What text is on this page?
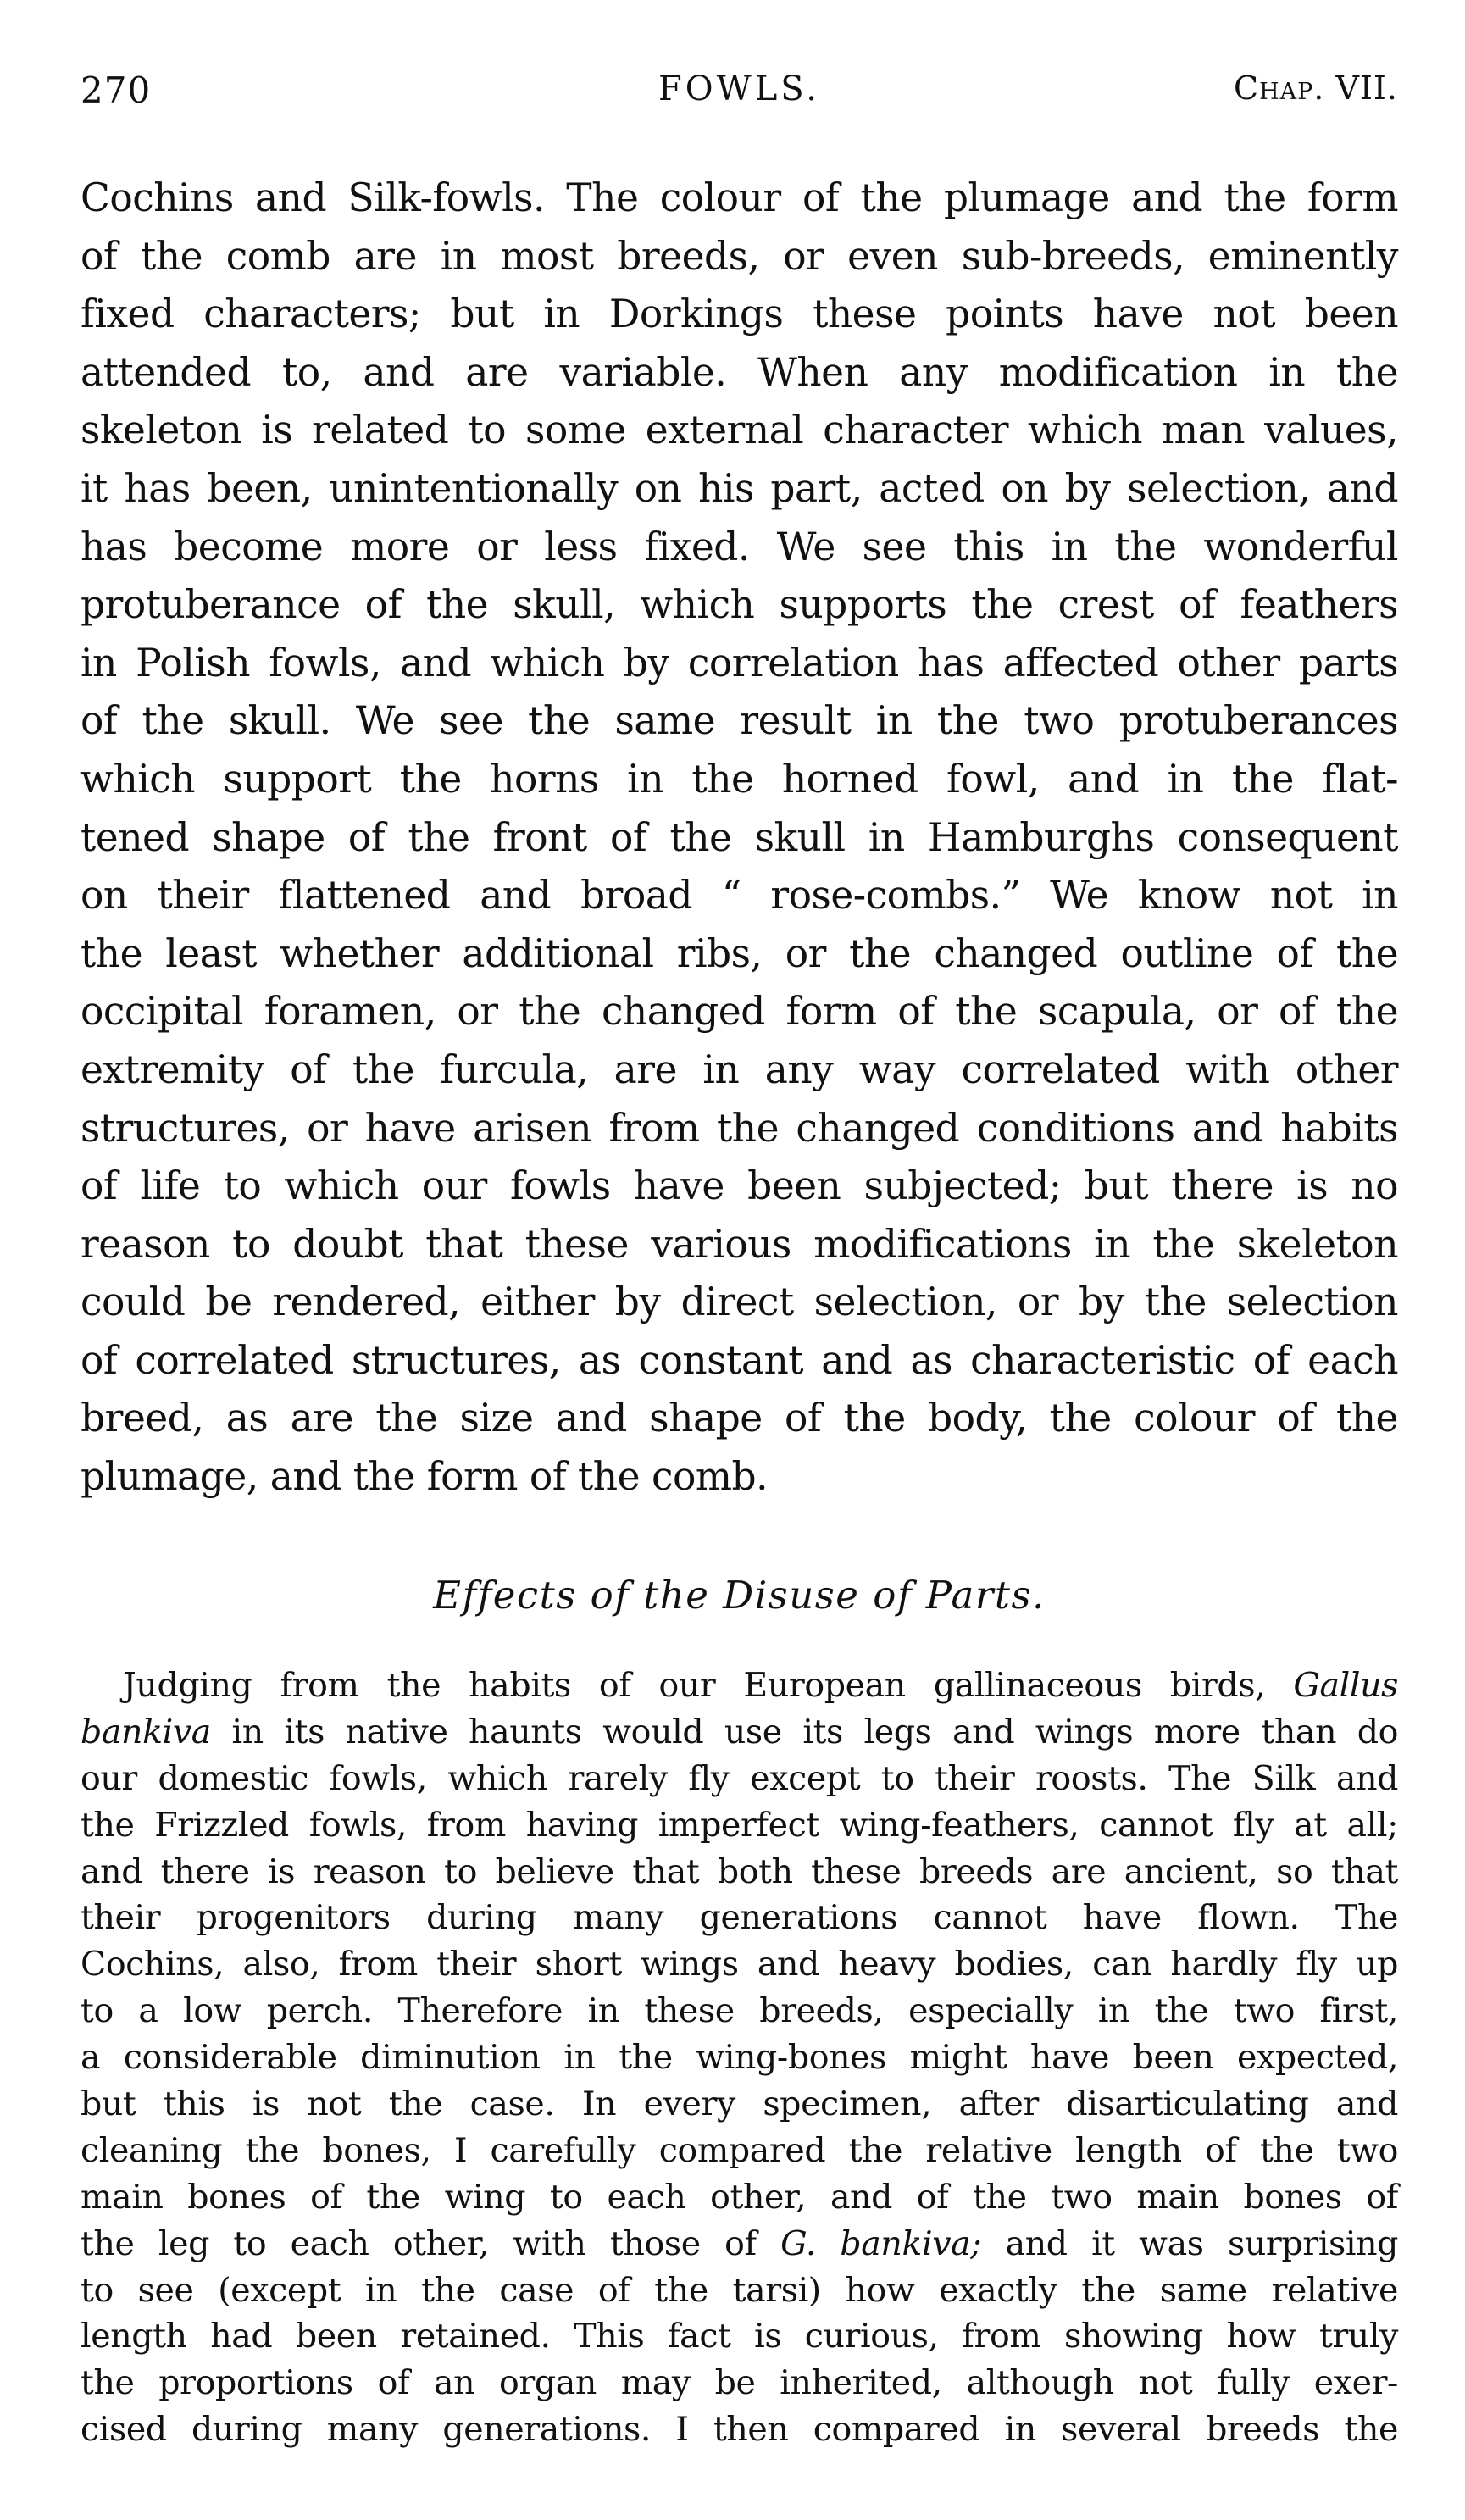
270	FOWLS.	Chap. VII.
Cochins and Silk-fowls. The colour of the plumage and the form
of the comb are in most breeds, or even sub-breeds, eminently
fixed characters; but in Dorkings these points have not been
attended to, and are variable. When any modification in the
skeleton is related to some external character which man values,
it has been, unintentionally on his part, acted on by selection, and
has become more or less fixed. We see this in the wonderful
protuberance of the skull, which supports the crest of feathers
in Polish fowls, and which by correlation has affected other parts
of the skull. We see the same result in the two protuberances
which support the horns in the horned fowl, and in the flat-
tened shape of the front of the skull in Hamburghs consequent
on their flattened and broad “ rose-combs.” We know not in
the least whether additional ribs, or the changed outline of the
occipital foramen, or the changed form of the scapula, or of the
extremity of the furcula, are in any way correlated with other
structures, or have arisen from the changed conditions and habits
of life to which our fowls have been subjected; but there is no
reason to doubt that these various modifications in the skeleton
could be rendered, either by direct selection, or by the selection
of correlated structures, as constant and as characteristic of each
breed, as are the size and shape of the body, the colour of the
plumage, and the form of the comb.
Effects of the Disuse of Parts.
Judging from the habits of our European gallinaceous birds, Gallus
bankiva in its native haunts would use its legs and wings more than do
our domestic fowls, which rarely fly except to their roosts. The Silk and
the Frizzled fowls, from having imperfect wing-feathers, cannot fly at all;
and there is reason to believe that both these breeds are ancient, so that
their progenitors during many generations cannot have flown. The
Cochins, also, from their short wings and heavy bodies, can hardly fly up
to a low perch. Therefore in these breeds, especially in the two first,
a considerable diminution in the wing-bones might have been expected,
but this is not the case. In every specimen, after disarticulating and
cleaning the bones, I carefully compared the relative length of the two
main bones of the wing to each other, and of the two main bones of
the leg to each other, with those of G. bankiva; and it was surprising
to see (except in the case of the tarsi) how exactly the same relative
length had been retained. This fact is curious, from showing how truly
the proportions of an organ may be inherited, although not fully exer-
cised during many generations. I then compared in several breeds the
